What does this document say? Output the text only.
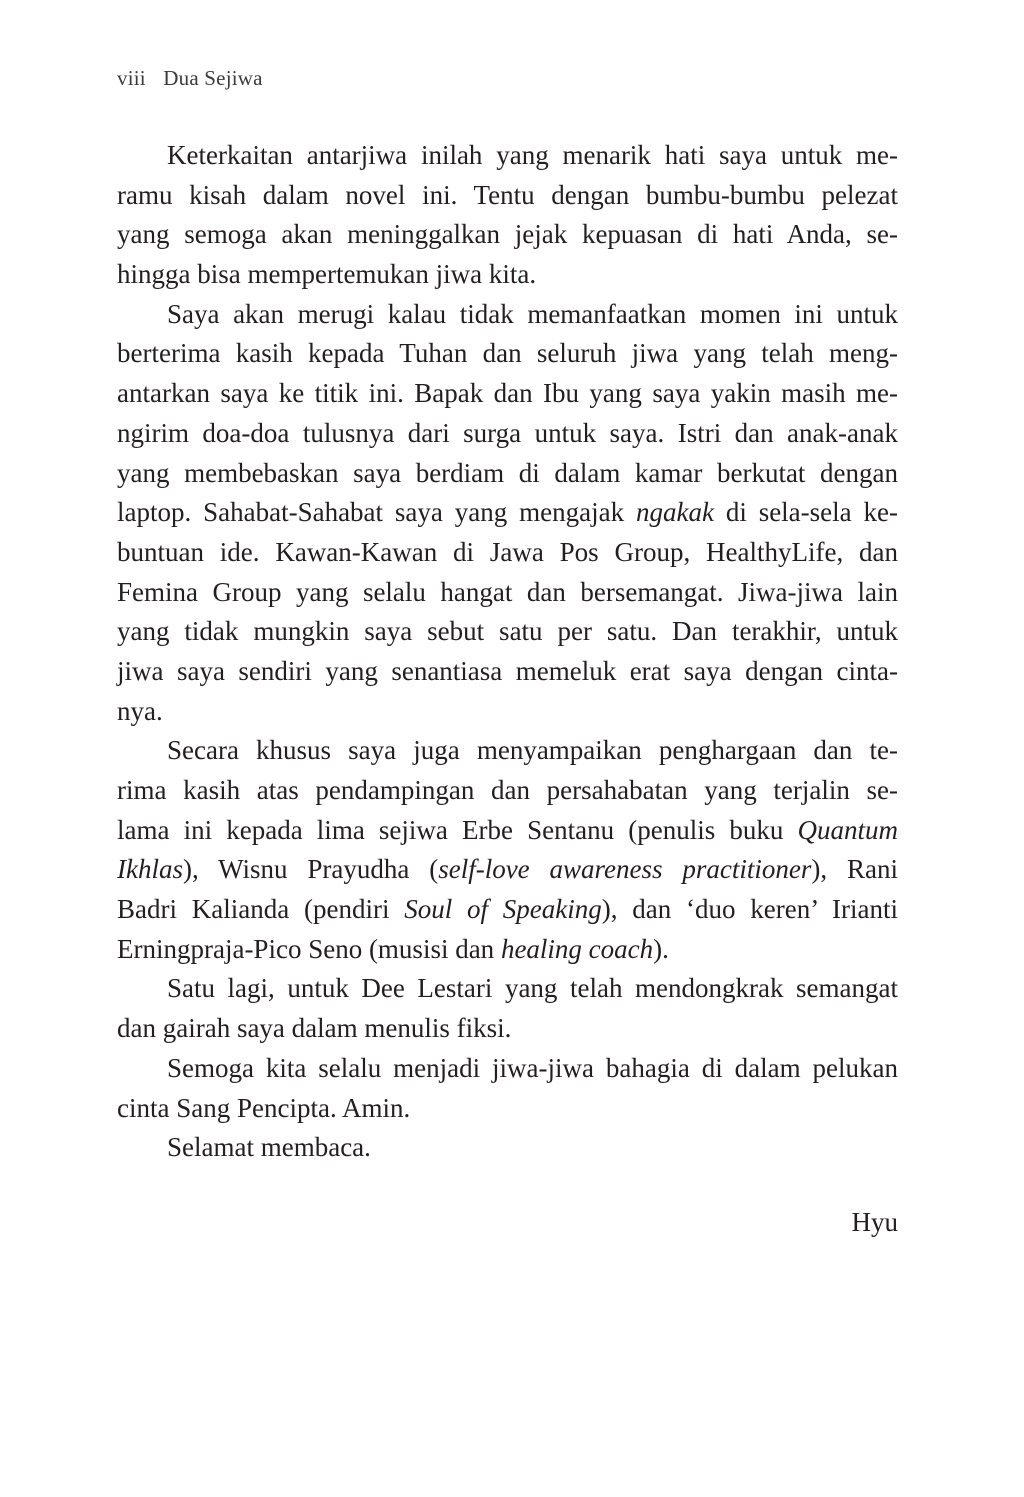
viii Dua Sejiwa
Keterkaitan antarjiwa inilah yang menarik hati saya untuk me-
ramu kisah dalam novel ini. Tentu dengan bumbu-bumbu pelezat
yang semoga akan meninggalkan jejak kepuasan di hati Anda, se-
hingga bisa mempertemukan jiwa kita.
Saya akan merugi kalau tidak memanfaatkan momen ini untuk
berterima kasih kepada Tuhan dan seluruh jiwa yang telah meng-
antarkan saya ke titik ini. Bapak dan Ibu yang saya yakin masih me-
ngirim doa-doa tulusnya dari surga untuk saya. Istri dan anak-anak
yang membebaskan saya berdiam di dalam kamar berkutat dengan
laptop. Sahabat-Sahabat saya yang mengajak ngakak di sela-sela ke-
buntuan ide. Kawan-Kawan di Jawa Pos Group, HealthyLife, dan
Femina Group yang selalu hangat dan bersemangat. Jiwa-jiwa lain
yang tidak mungkin saya sebut satu per satu. Dan terakhir, untuk
jiwa saya sendiri yang senantiasa memeluk erat saya dengan cinta-
nya.
Secara khusus saya juga menyampaikan penghargaan dan te-
rima kasih atas pendampingan dan persahabatan yang terjalin se-
lama ini kepada lima sejiwa Erbe Sentanu (penulis buku Quantum
Ikhlas), Wisnu Prayudha (self-love awareness practitioner), Rani
Badri Kalianda (pendiri Soul of Speaking), dan ‘duo keren’ Irianti
Erningpraja-Pico Seno (musisi dan healing coach).
Satu lagi, untuk Dee Lestari yang telah mendongkrak semangat
dan gairah saya dalam menulis fiksi.
Semoga kita selalu menjadi jiwa-jiwa bahagia di dalam pelukan
cinta Sang Pencipta. Amin.
Selamat membaca.
Hyu
